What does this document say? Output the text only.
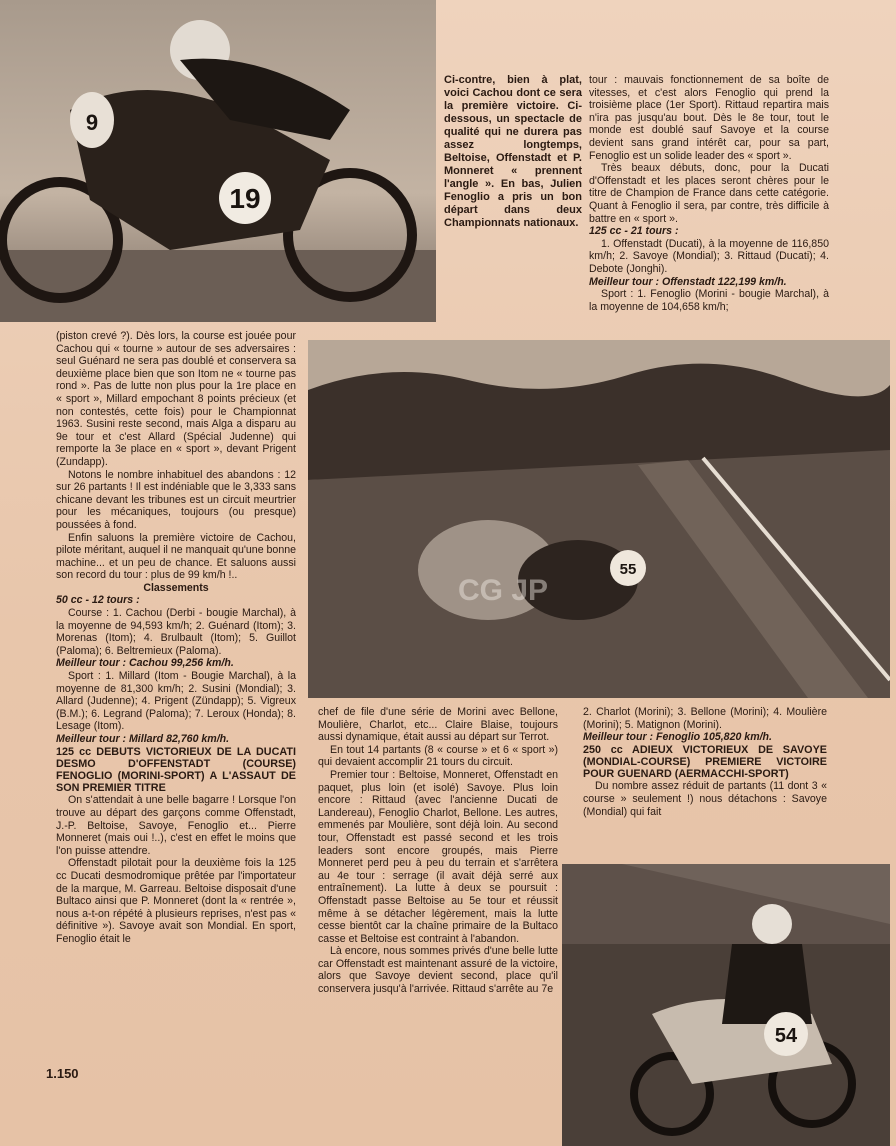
19
9

Ci-contre, bien à plat, voici Cachou dont ce sera la première victoire. Ci-dessous, un spectacle de qualité qui ne durera pas assez longtemps, Beltoise, Offenstadt et P. Monneret « prennent l'angle ». En bas, Julien Fenoglio a pris un bon départ dans deux Championnats nationaux.

tour : mauvais fonctionnement de sa boîte de vitesses, et c'est alors Fenoglio qui prend la troisième place (1er Sport). Rittaud repartira mais n'ira pas jusqu'au bout. Dès le 8e tour, tout le monde est doublé sauf Savoye et la course devient sans grand intérêt car, pour sa part, Fenoglio est un solide leader des « sport ».

Très beaux débuts, donc, pour la Ducati d'Offenstadt et les places seront chères pour le titre de Champion de France dans cette catégorie. Quant à Fenoglio il sera, par contre, très difficile à battre en « sport ».

125 cc - 21 tours :

1. Offenstadt (Ducati), à la moyenne de 116,850 km/h; 2. Savoye (Mondial); 3. Rittaud (Ducati); 4. Debote (Jonghi).

Meilleur tour : Offenstadt 122,199 km/h.

Sport : 1. Fenoglio (Morini - bougie Marchal), à la moyenne de 104,658 km/h;

(piston crevé ?). Dès lors, la course est jouée pour Cachou qui « tourne » autour de ses adversaires : seul Guénard ne sera pas doublé et conservera sa deuxième place bien que son Itom ne « tourne pas rond ». Pas de lutte non plus pour la 1re place en « sport », Millard empochant 8 points précieux (et non contestés, cette fois) pour le Championnat 1963. Susini reste second, mais Alga a disparu au 9e tour et c'est Allard (Spécial Judenne) qui remporte la 3e place en « sport », devant Prigent (Zundapp).

Notons le nombre inhabituel des abandons : 12 sur 26 partants ! Il est indéniable que le 3,333 sans chicane devant les tribunes est un circuit meurtrier pour les mécaniques, toujours (ou presque) poussées à fond.

Enfin saluons la première victoire de Cachou, pilote méritant, auquel il ne manquait qu'une bonne machine... et un peu de chance. Et saluons aussi son record du tour : plus de 99 km/h !..

Classements

50 cc - 12 tours :

Course : 1. Cachou (Derbi - bougie Marchal), à la moyenne de 94,593 km/h; 2. Guénard (Itom); 3. Morenas (Itom); 4. Brulbault (Itom); 5. Guillot (Paloma); 6. Beltremieux (Paloma).

Meilleur tour : Cachou 99,256 km/h.

Sport : 1. Millard (Itom - Bougie Marchal), à la moyenne de 81,300 km/h; 2. Susini (Mondial); 3. Allard (Judenne); 4. Prigent (Zündapp); 5. Vigreux (B.M.); 6. Legrand (Paloma); 7. Leroux (Honda); 8. Lesage (Itom).

Meilleur tour : Millard 82,760 km/h.

125 cc DEBUTS VICTORIEUX DE LA DUCATI DESMO D'OFFENSTADT (COURSE) FENOGLIO (MORINI-SPORT) A L'ASSAUT DE SON PREMIER TITRE

On s'attendait à une belle bagarre ! Lorsque l'on trouve au départ des garçons comme Offenstadt, J.-P. Beltoise, Savoye, Fenoglio et... Pierre Monneret (mais oui !..), c'est en effet le moins que l'on puisse attendre.

Offenstadt pilotait pour la deuxième fois la 125 cc Ducati desmodromique prêtée par l'importateur de la marque, M. Garreau. Beltoise disposait d'une Bultaco ainsi que P. Monneret (dont la « rentrée », nous a-t-on répété à plusieurs reprises, n'est pas « définitive »). Savoye avait son Mondial. En sport, Fenoglio était le

55
CG JP

chef de file d'une série de Morini avec Bellone, Moulière, Charlot, etc... Claire Blaise, toujours aussi dynamique, était aussi au départ sur Terrot.

En tout 14 partants (8 « course » et 6 « sport ») qui devaient accomplir 21 tours du circuit.

Premier tour : Beltoise, Monneret, Offenstadt en paquet, plus loin (et isolé) Savoye. Plus loin encore : Rittaud (avec l'ancienne Ducati de Landereau), Fenoglio Charlot, Bellone. Les autres, emmenés par Moulière, sont déjà loin. Au second tour, Offenstadt est passé second et les trois leaders sont encore groupés, mais Pierre Monneret perd peu à peu du terrain et s'arrêtera au 4e tour : serrage (il avait déjà serré aux entraînement). La lutte à deux se poursuit : Offenstadt passe Beltoise au 5e tour et réussit même à se détacher légèrement, mais la lutte cesse bientôt car la chaîne primaire de la Bultaco casse et Beltoise est contraint à l'abandon.

Là encore, nous sommes privés d'une belle lutte car Offenstadt est maintenant assuré de la victoire, alors que Savoye devient second, place qu'il conservera jusqu'à l'arrivée. Rittaud s'arrête au 7e

2. Charlot (Morini); 3. Bellone (Morini); 4. Moulière (Morini); 5. Matignon (Morini).

Meilleur tour : Fenoglio 105,820 km/h.

250 cc ADIEUX VICTORIEUX DE SAVOYE (MONDIAL-COURSE) PREMIERE VICTOIRE POUR GUENARD (AERMACCHI-SPORT)

Du nombre assez réduit de partants (11 dont 3 « course » seulement !) nous détachons : Savoye (Mondial) qui fait

54
1.150
